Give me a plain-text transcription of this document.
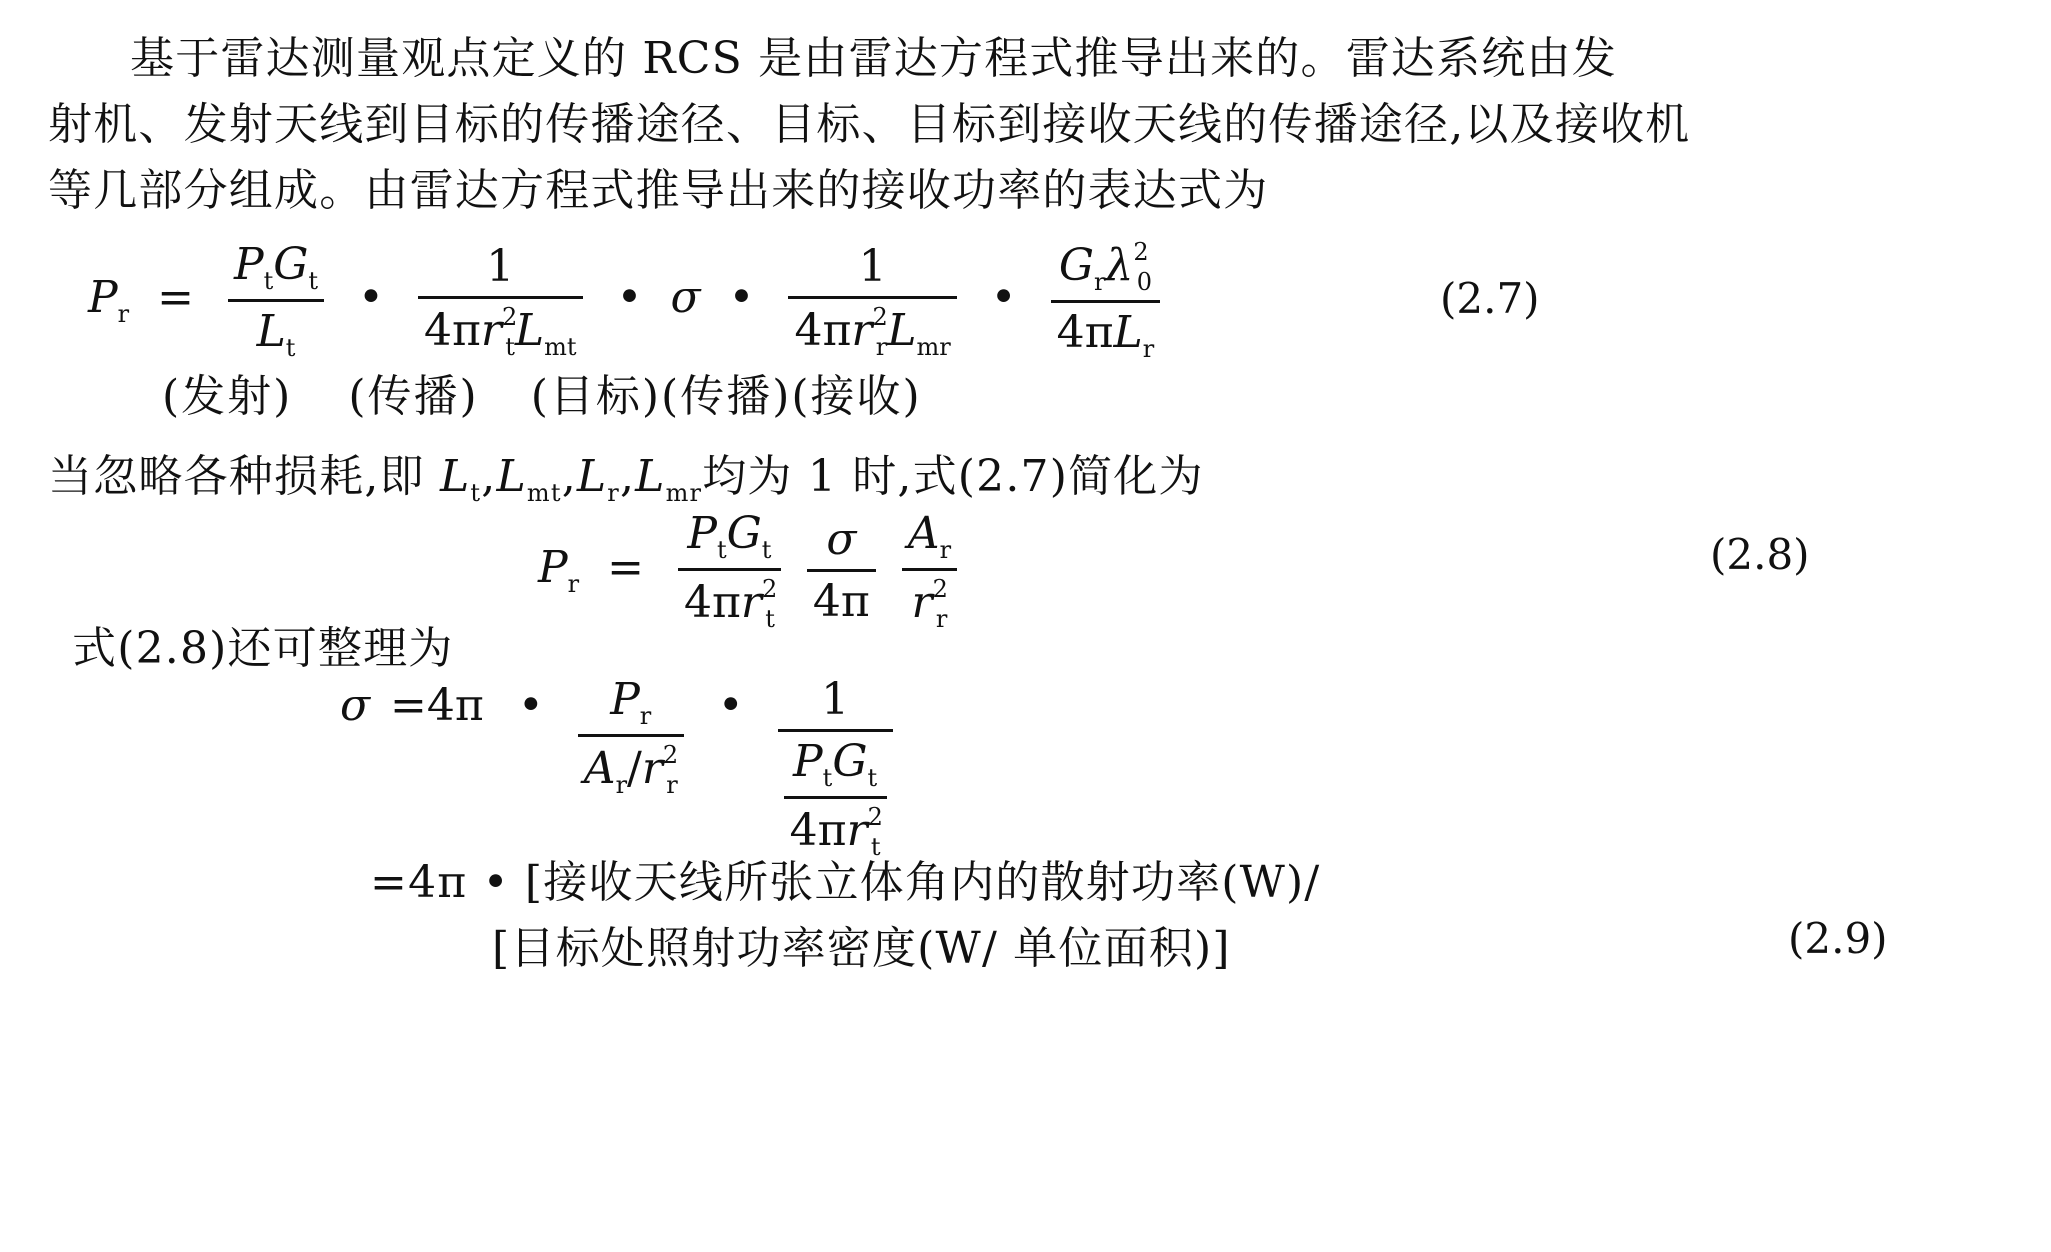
基于雷达测量观点定义的 RCS 是由雷达方程式推导出来的。雷达系统由发
射机、发射天线到目标的传播途径、目标、目标到接收天线的传播途径,以及接收机
等几部分组成。由雷达方程式推导出来的接收功率的表达式为
$P_r = \frac{P_tG_t}{L_t}$ • $\frac{1}{4\pi r^2_tL_{mt}}$ • σ • $\frac{1}{4\pi r^2_rL_{mr}}$ • $\frac{G_r\lambda^2_0}{4\pi L_r}$	(2.7)
(发射) (传播) (目标)(传播)(接收)
当忽略各种损耗,即 $L_t,L_{mt},L_r,L_{mr}$均为 1 时,式(2.7)简化为
$P_r = \frac{P_tG_t}{4\pi r^2_t}$
$\frac{\sigma}{4\pi}$
$\frac{A_r}{r^2_r}$	(2.8)
式(2.8)还可整理为
σ =4π • $\frac{P_r}{A_r/r^2_r}$ • $\frac{1}{\frac{P_tG_t}{4\pi r^2_t}}$
=4π • [接收天线所张立体角内的散射功率(W)/
[目标处照射功率密度(W/ 单位面积)]	(2.9)
